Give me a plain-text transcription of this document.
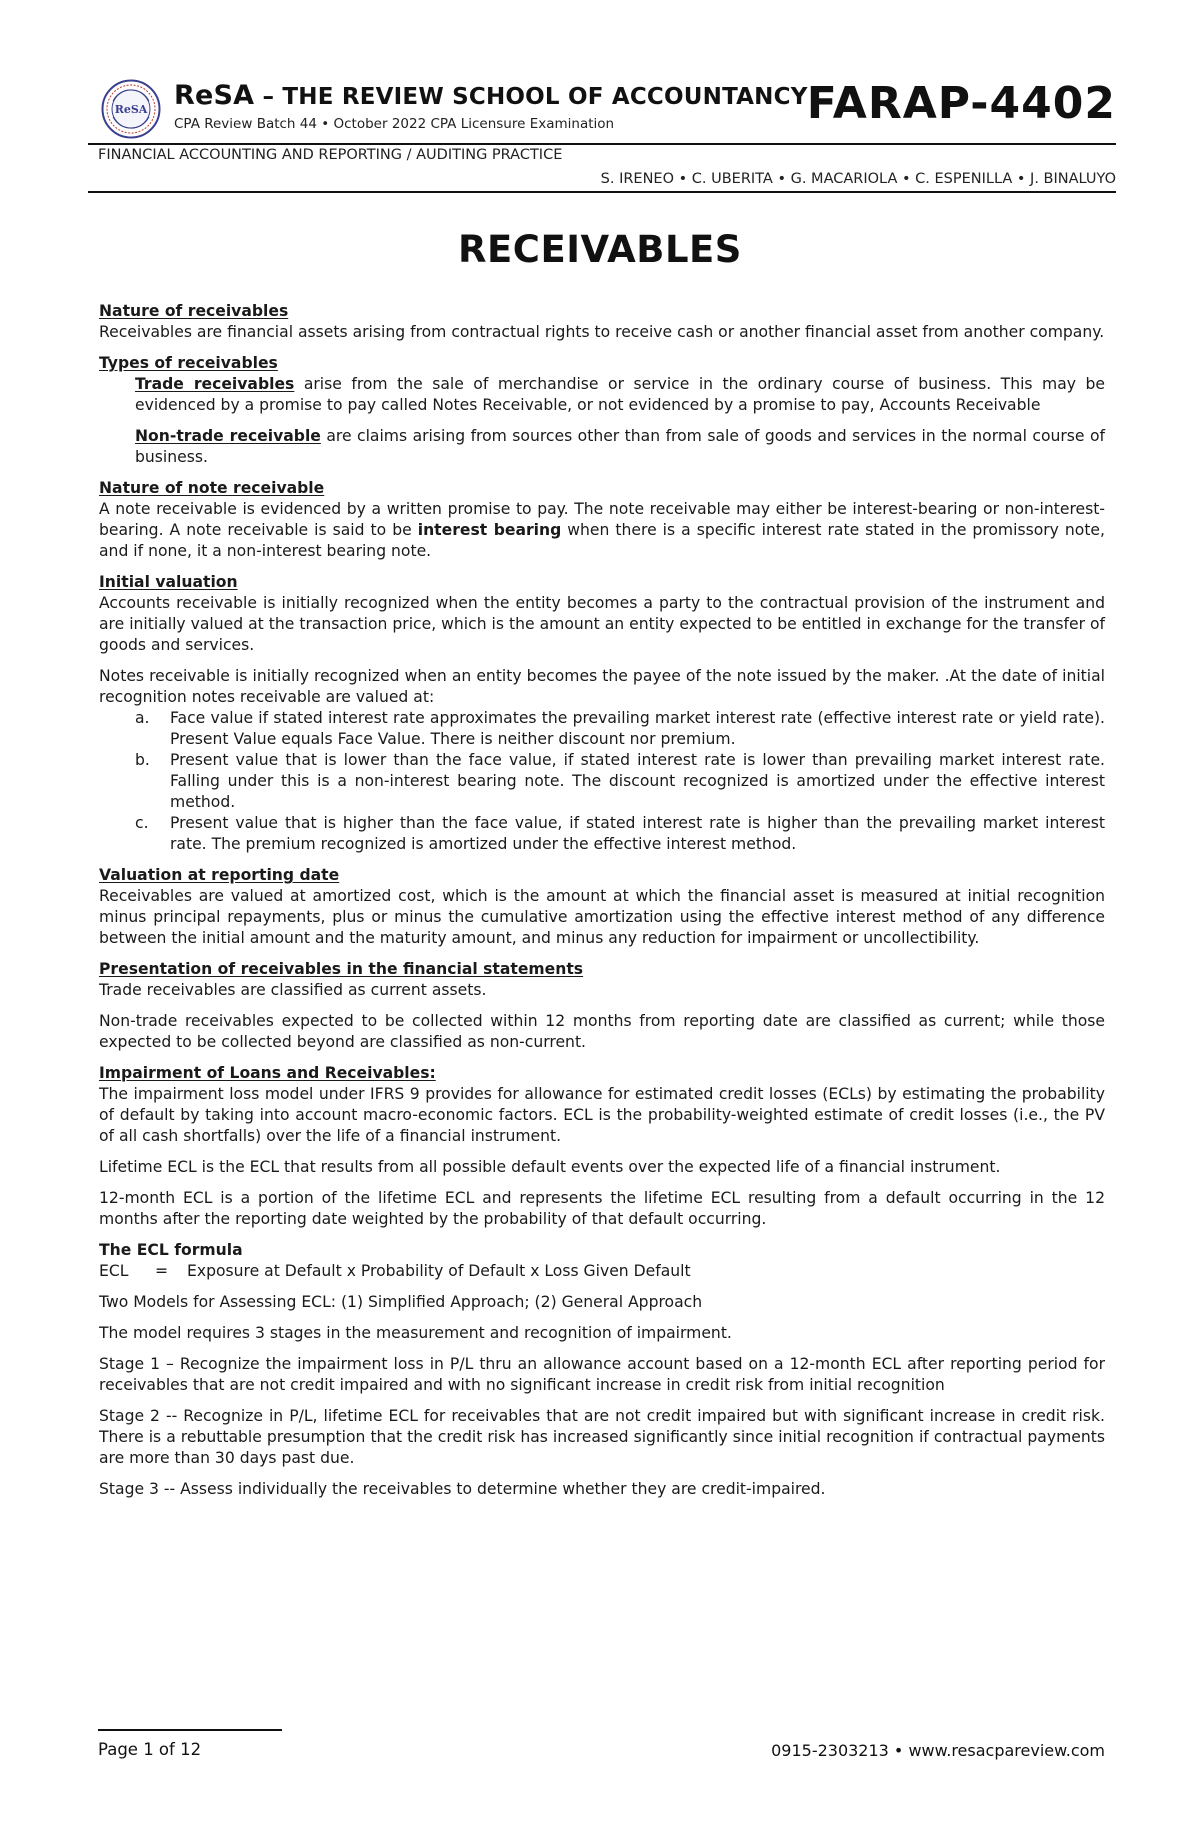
ReSA ReSA – THE REVIEW SCHOOL OF ACCOUNTANCY
CPA Review Batch 44 • October 2022 CPA Licensure Examination	FARAP-4402
FINANCIAL ACCOUNTING AND REPORTING / AUDITING PRACTICE
S. IRENEO • C. UBERITA • G. MACARIOLA • C. ESPENILLA • J. BINALUYO
RECEIVABLES

Nature of receivables

Receivables are financial assets arising from contractual rights to receive cash or another financial asset from another company.

Types of receivables

Trade receivables arise from the sale of merchandise or service in the ordinary course of business. This may be evidenced by a promise to pay called Notes Receivable, or not evidenced by a promise to pay, Accounts Receivable

Non-trade receivable are claims arising from sources other than from sale of goods and services in the normal course of business.

Nature of note receivable

A note receivable is evidenced by a written promise to pay. The note receivable may either be interest-bearing or non-interest-bearing. A note receivable is said to be interest bearing when there is a specific interest rate stated in the promissory note, and if none, it a non-interest bearing note.

Initial valuation

Accounts receivable is initially recognized when the entity becomes a party to the contractual provision of the instrument and are initially valued at the transaction price, which is the amount an entity expected to be entitled in exchange for the transfer of goods and services.

Notes receivable is initially recognized when an entity becomes the payee of the note issued by the maker. .At the date of initial recognition notes receivable are valued at:

a. Face value if stated interest rate approximates the prevailing market interest rate (effective interest rate or yield rate). Present Value equals Face Value. There is neither discount nor premium.
b. Present value that is lower than the face value, if stated interest rate is lower than prevailing market interest rate. Falling under this is a non-interest bearing note. The discount recognized is amortized under the effective interest method.
c. Present value that is higher than the face value, if stated interest rate is higher than the prevailing market interest rate. The premium recognized is amortized under the effective interest method.

Valuation at reporting date

Receivables are valued at amortized cost, which is the amount at which the financial asset is measured at initial recognition minus principal repayments, plus or minus the cumulative amortization using the effective interest method of any difference between the initial amount and the maturity amount, and minus any reduction for impairment or uncollectibility.

Presentation of receivables in the financial statements

Trade receivables are classified as current assets.

Non-trade receivables expected to be collected within 12 months from reporting date are classified as current; while those expected to be collected beyond are classified as non-current.

Impairment of Loans and Receivables:

The impairment loss model under IFRS 9 provides for allowance for estimated credit losses (ECLs) by estimating the probability of default by taking into account macro-economic factors. ECL is the probability-weighted estimate of credit losses (i.e., the PV of all cash shortfalls) over the life of a financial instrument.

Lifetime ECL is the ECL that results from all possible default events over the expected life of a financial instrument.

12-month ECL is a portion of the lifetime ECL and represents the lifetime ECL resulting from a default occurring in the 12 months after the reporting date weighted by the probability of that default occurring.

The ECL formula

ECL = Exposure at Default x Probability of Default x Loss Given Default

Two Models for Assessing ECL: (1) Simplified Approach; (2) General Approach

The model requires 3 stages in the measurement and recognition of impairment.

Stage 1 – Recognize the impairment loss in P/L thru an allowance account based on a 12-month ECL after reporting period for receivables that are not credit impaired and with no significant increase in credit risk from initial recognition

Stage 2 -- Recognize in P/L, lifetime ECL for receivables that are not credit impaired but with significant increase in credit risk. There is a rebuttable presumption that the credit risk has increased significantly since initial recognition if contractual payments are more than 30 days past due.

Stage 3 -- Assess individually the receivables to determine whether they are credit-impaired.

Page 1 of 12	0915-2303213 • www.resacpareview.com
